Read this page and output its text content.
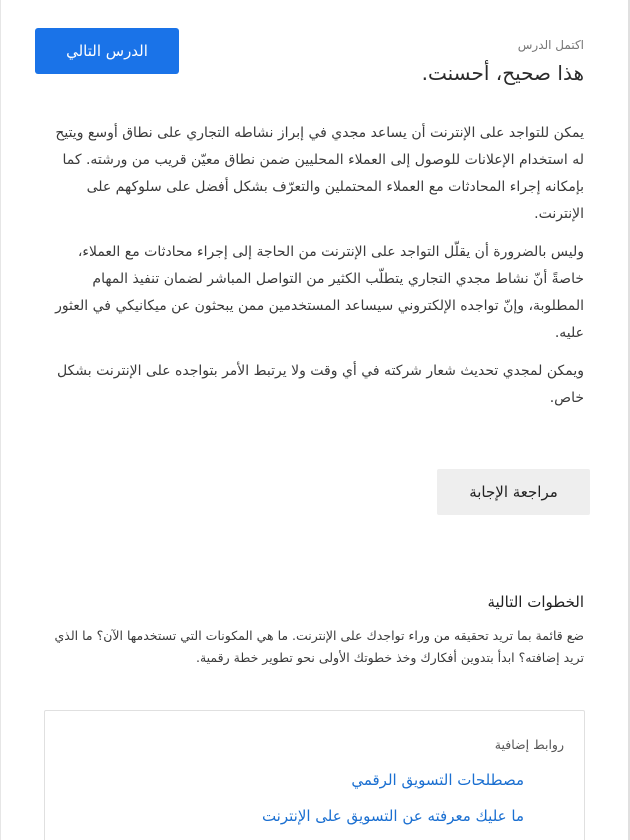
اكتمل الدرس
هذا صحيح، أحسنت.
الدرس التالي

يمكن للتواجد على الإنترنت أن يساعد مجدي في إبراز نشاطه التجاري على نطاق أوسع ويتيح له استخدام الإعلانات للوصول إلى العملاء المحليين ضمن نطاق معيّن قريب من ورشته. كما بإمكانه إجراء المحادثات مع العملاء المحتملين والتعرّف بشكل أفضل على سلوكهم على الإنترنت.

وليس بالضرورة أن يقلّل التواجد على الإنترنت من الحاجة إلى إجراء محادثات مع العملاء، خاصةً أنّ نشاط مجدي التجاري يتطلّب الكثير من التواصل المباشر لضمان تنفيذ المهام المطلوبة، وإنّ تواجده الإلكتروني سيساعد المستخدمين ممن يبحثون عن ميكانيكي في العثور عليه.

ويمكن لمجدي تحديث شعار شركته في أي وقت ولا يرتبط الأمر بتواجده على الإنترنت بشكل خاص.

مراجعة الإجابة
الخطوات التالية

ضع قائمة بما تريد تحقيقه من وراء تواجدك على الإنترنت. ما هي المكونات التي تستخدمها الآن؟ ما الذي تريد إضافته؟ ابدأ بتدوين أفكارك وخذ خطوتك الأولى نحو تطوير خطة رقمية.

روابط إضافية
مصطلحات التسويق الرقمي
ما عليك معرفته عن التسويق على الإنترنت
